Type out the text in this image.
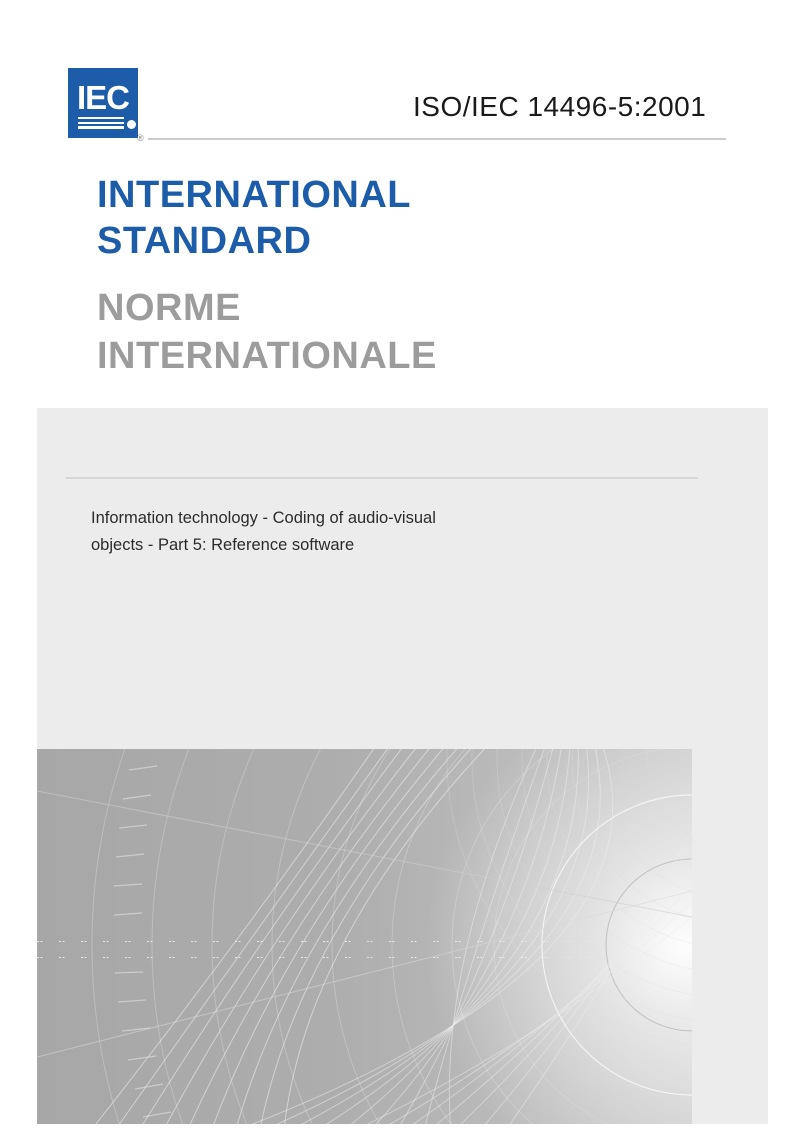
IEC
®
ISO/IEC 14496-5:2001
INTERNATIONAL
STANDARD
NORME
INTERNATIONALE
Information technology - Coding of audio-visual
objects - Part 5: Reference software
